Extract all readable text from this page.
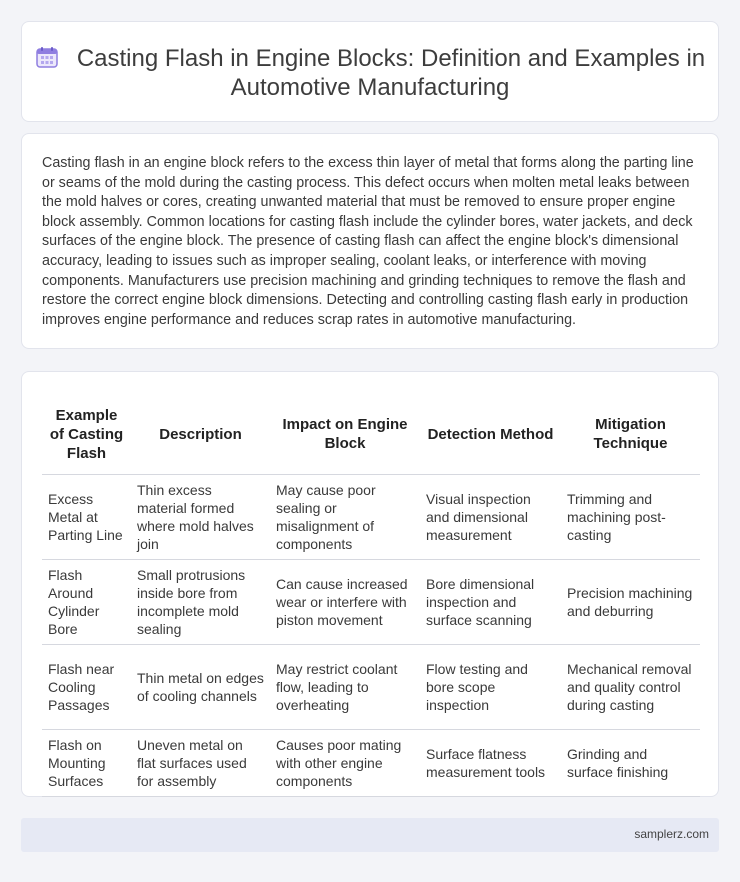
Casting Flash in Engine Blocks: Definition and Examples in Automotive Manufacturing

Casting flash in an engine block refers to the excess thin layer of metal that forms along the parting line or seams of the mold during the casting process. This defect occurs when molten metal leaks between the mold halves or cores, creating unwanted material that must be removed to ensure proper engine block assembly. Common locations for casting flash include the cylinder bores, water jackets, and deck surfaces of the engine block. The presence of casting flash can affect the engine block's dimensional accuracy, leading to issues such as improper sealing, coolant leaks, or interference with moving components. Manufacturers use precision machining and grinding techniques to remove the flash and restore the correct engine block dimensions. Detecting and controlling casting flash early in production improves engine performance and reduces scrap rates in automotive manufacturing.

Example of Casting Flash	Description	Impact on Engine Block	Detection Method	Mitigation Technique
Excess Metal at Parting Line	Thin excess material formed where mold halves join	May cause poor sealing or misalignment of components	Visual inspection and dimensional measurement	Trimming and machining post-casting
Flash Around Cylinder Bore	Small protrusions inside bore from incomplete mold sealing	Can cause increased wear or interfere with piston movement	Bore dimensional inspection and surface scanning	Precision machining and deburring
Flash near Cooling Passages	Thin metal on edges of cooling channels	May restrict coolant flow, leading to overheating	Flow testing and bore scope inspection	Mechanical removal and quality control during casting
Flash on Mounting Surfaces	Uneven metal on flat surfaces used for assembly	Causes poor mating with other engine components	Surface flatness measurement tools	Grinding and surface finishing
samplerz.com
